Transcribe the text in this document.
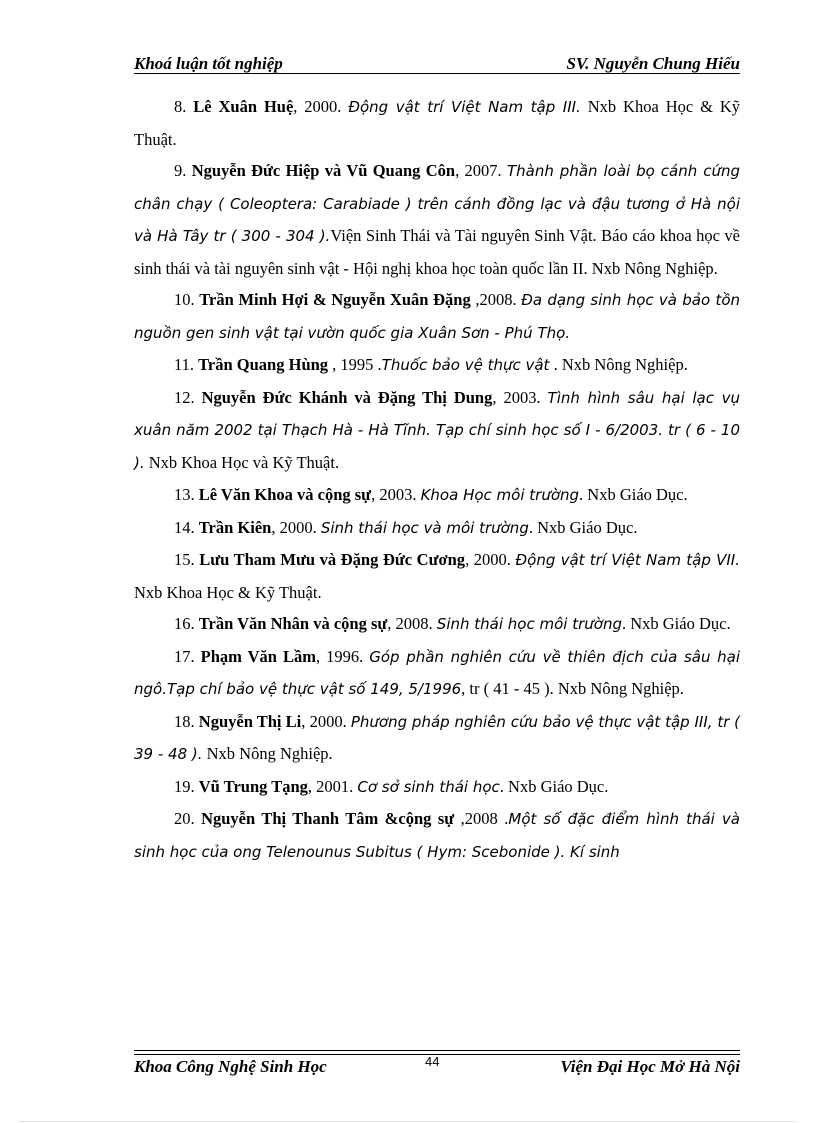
Khoá luận tốt nghiệp	SV. Nguyễn Chung Hiếu

8. Lê Xuân Huệ, 2000. Động vật trí Việt Nam tập III. Nxb Khoa Học & Kỹ Thuật.

9. Nguyễn Đức Hiệp và Vũ Quang Côn, 2007. Thành phần loài bọ cánh cứng chân chạy ( Coleoptera: Carabiade ) trên cánh đồng lạc và đậu tương ở Hà nội và Hà Tây tr ( 300 - 304 ).Viện Sinh Thái và Tài nguyên Sinh Vật. Báo cáo khoa học về sinh thái và tài nguyên sinh vật - Hội nghị khoa học toàn quốc lần II. Nxb Nông Nghiệp.

10. Trần Minh Hợi & Nguyễn Xuân Đặng ,2008. Đa dạng sinh học và bảo tồn nguồn gen sinh vật tại vườn quốc gia Xuân Sơn - Phú Thọ.

11. Trần Quang Hùng , 1995 .Thuốc bảo vệ thực vật . Nxb Nông Nghiệp.

12. Nguyễn Đức Khánh và Đặng Thị Dung, 2003. Tình hình sâu hại lạc vụ xuân năm 2002 tại Thạch Hà - Hà Tĩnh. Tạp chí sinh học số I - 6/2003. tr ( 6 - 10 ). Nxb Khoa Học và Kỹ Thuật.

13. Lê Văn Khoa và cộng sự, 2003. Khoa Học môi trường. Nxb Giáo Dục.

14. Trần Kiên, 2000. Sinh thái học và môi trường. Nxb Giáo Dục.

15. Lưu Tham Mưu và Đặng Đức Cương, 2000. Động vật trí Việt Nam tập VII. Nxb Khoa Học & Kỹ Thuật.

16. Trần Văn Nhân và cộng sự, 2008. Sinh thái học môi trường. Nxb Giáo Dục.

17. Phạm Văn Lầm, 1996. Góp phần nghiên cứu về thiên địch của sâu hại ngô.Tạp chí bảo vệ thực vật số 149, 5/1996, tr ( 41 - 45 ). Nxb Nông Nghiệp.

18. Nguyễn Thị Li, 2000. Phương pháp nghiên cứu bảo vệ thực vật tập III, tr ( 39 - 48 ). Nxb Nông Nghiệp.

19. Vũ Trung Tạng, 2001. Cơ sở sinh thái học. Nxb Giáo Dục.

20. Nguyễn Thị Thanh Tâm &cộng sự ,2008 .Một số đặc điểm hình thái và sinh học của ong Telenounus Subitus ( Hym: Scebonide ). Kí sinh

Khoa Công Nghệ Sinh Học	Viện Đại Học Mở Hà Nội
44
